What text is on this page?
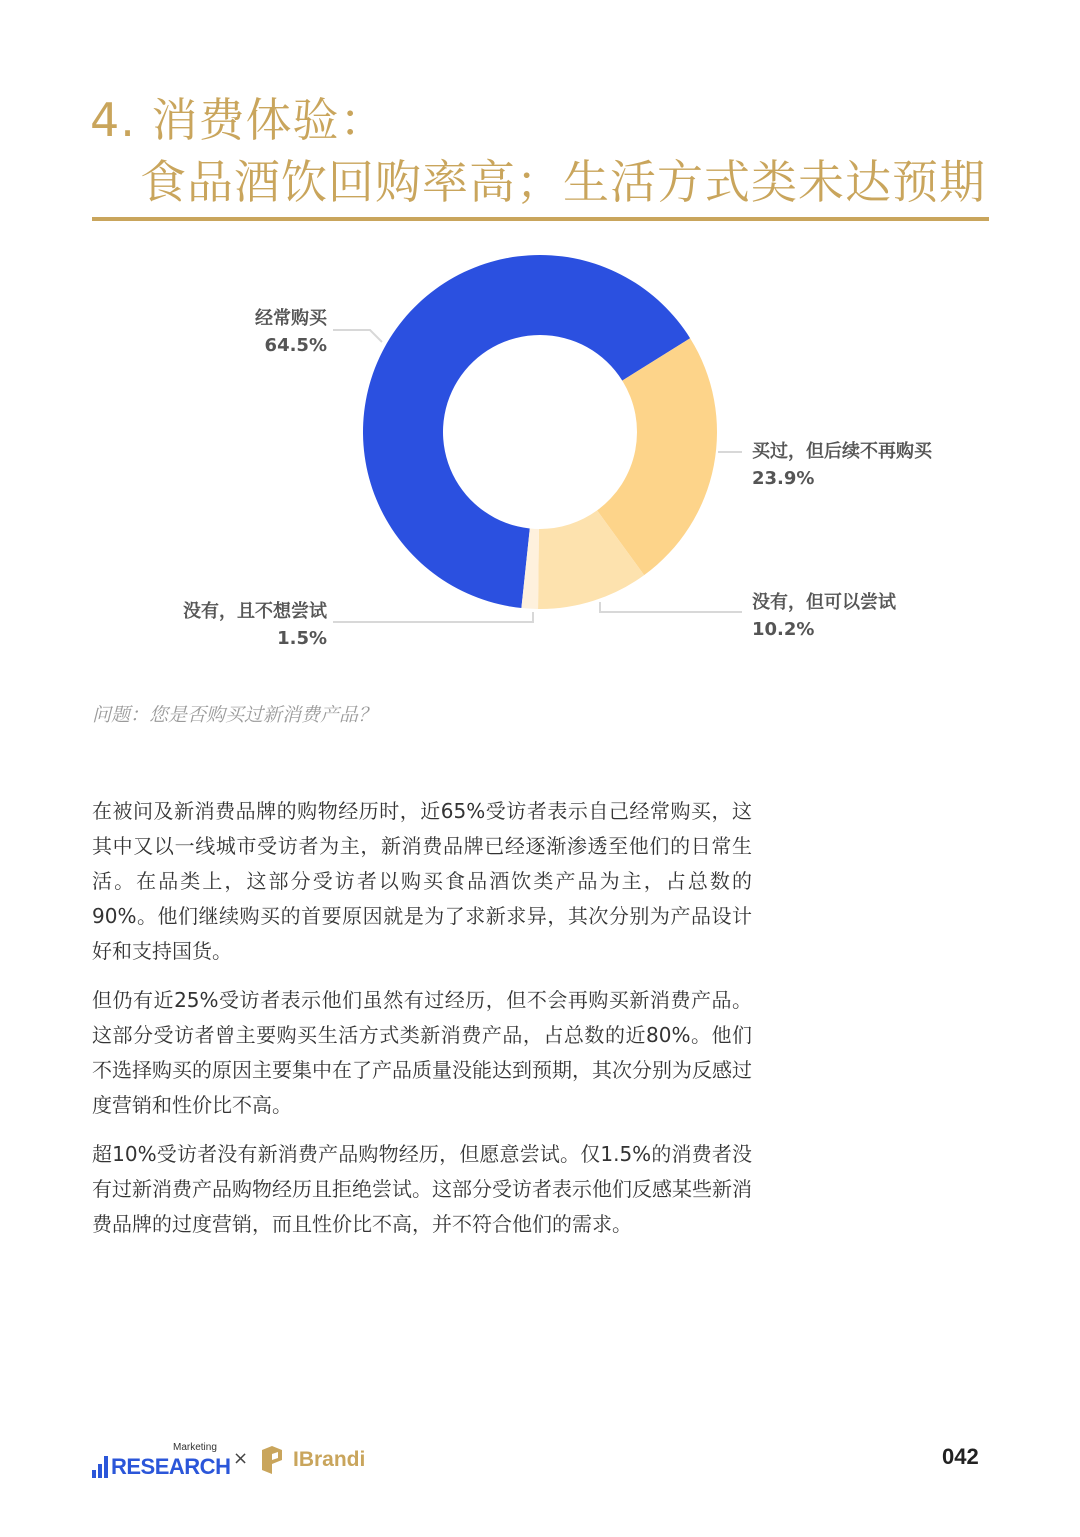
4. 消费体验：
食品酒饮回购率高；生活方式类未达预期
经常购买
64.5%
买过，但后续不再购买
23.9%
没有，但可以尝试
10.2%
没有，且不想尝试
1.5%
问题：您是否购买过新消费产品？

在被问及新消费品牌的购物经历时，近65%受访者表示自己经常购买，这其中又以一线城市受访者为主，新消费品牌已经逐渐渗透至他们的日常生活。在品类上，这部分受访者以购买食品酒饮类产品为主，占总数的90%。他们继续购买的首要原因就是为了求新求异，其次分别为产品设计好和支持国货。

但仍有近25%受访者表示他们虽然有过经历，但不会再购买新消费产品。这部分受访者曾主要购买生活方式类新消费产品，占总数的近80%。他们不选择购买的原因主要集中在了产品质量没能达到预期，其次分别为反感过度营销和性价比不高。

超10%受访者没有新消费产品购物经历，但愿意尝试。仅1.5%的消费者没有过新消费产品购物经历且拒绝尝试。这部分受访者表示他们反感某些新消费品牌的过度营销，而且性价比不高，并不符合他们的需求。

RESEARCH
Marketing
× IBrandi	042
